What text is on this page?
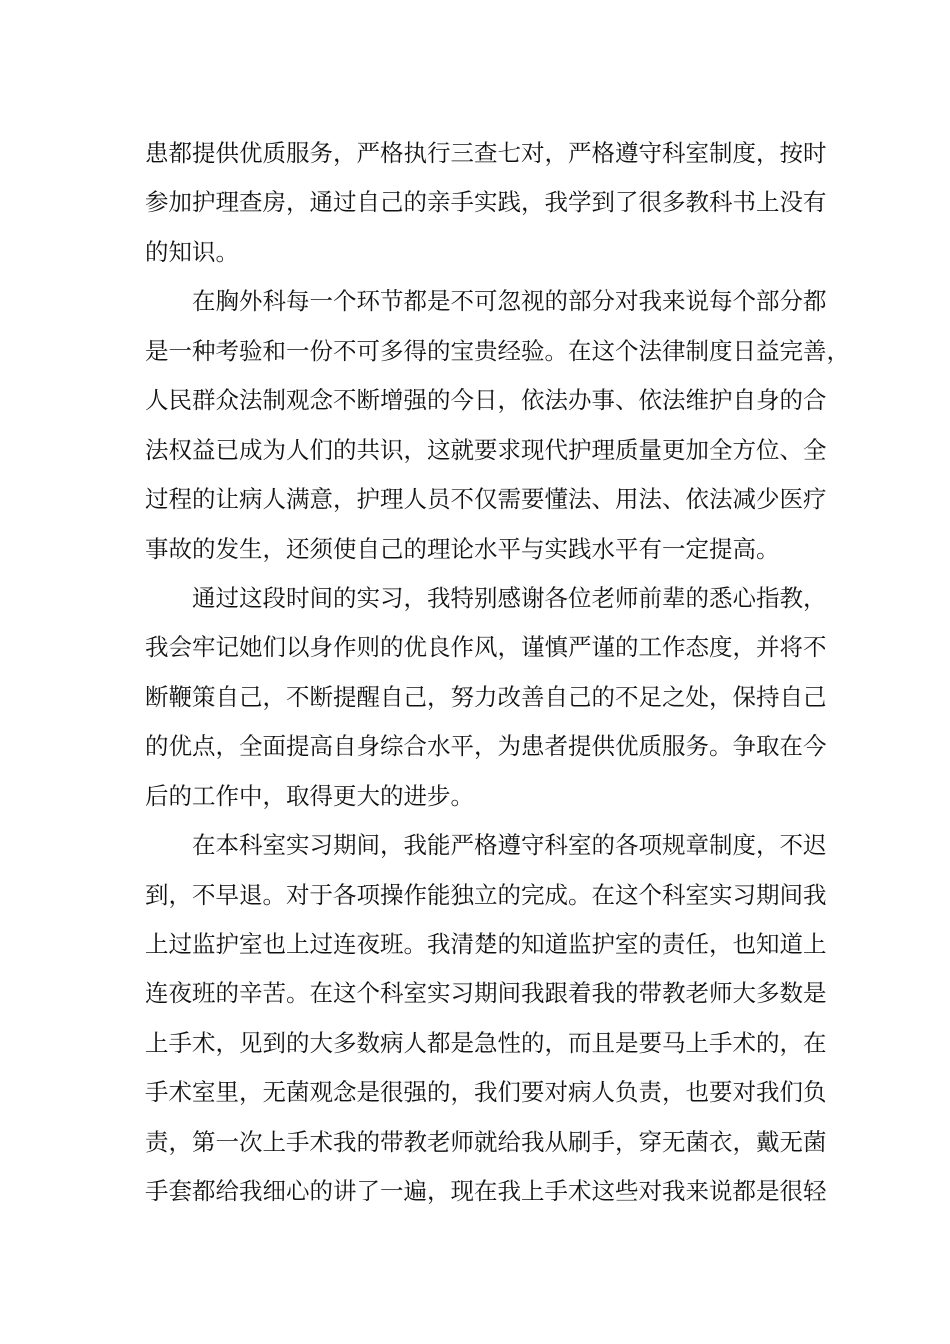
患都提供优质服务，严格执行三查七对，严格遵守科室制度，按时
参加护理查房，通过自己的亲手实践，我学到了很多教科书上没有
的知识。
在胸外科每一个环节都是不可忽视的部分对我来说每个部分都
是一种考验和一份不可多得的宝贵经验。在这个法律制度日益完善，
人民群众法制观念不断增强的今日，依法办事、依法维护自身的合
法权益已成为人们的共识，这就要求现代护理质量更加全方位、全
过程的让病人满意，护理人员不仅需要懂法、用法、依法减少医疗
事故的发生，还须使自己的理论水平与实践水平有一定提高。
通过这段时间的实习，我特别感谢各位老师前辈的悉心指教，
我会牢记她们以身作则的优良作风，谨慎严谨的工作态度，并将不
断鞭策自己，不断提醒自己，努力改善自己的不足之处，保持自己
的优点，全面提高自身综合水平，为患者提供优质服务。争取在今
后的工作中，取得更大的进步。
在本科室实习期间，我能严格遵守科室的各项规章制度，不迟
到，不早退。对于各项操作能独立的完成。在这个科室实习期间我
上过监护室也上过连夜班。我清楚的知道监护室的责任，也知道上
连夜班的辛苦。在这个科室实习期间我跟着我的带教老师大多数是
上手术，见到的大多数病人都是急性的，而且是要马上手术的，在
手术室里，无菌观念是很强的，我们要对病人负责，也要对我们负
责，第一次上手术我的带教老师就给我从刷手，穿无菌衣，戴无菌
手套都给我细心的讲了一遍，现在我上手术这些对我来说都是很轻
